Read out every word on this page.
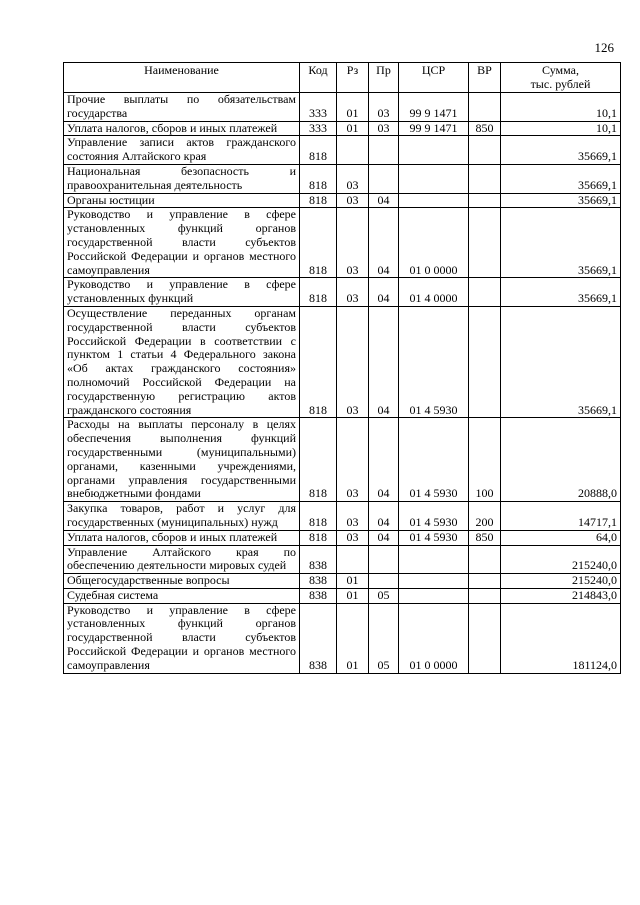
126
Наименование	Код	Рз	Пр	ЦСР	ВР	Сумма,
тыс. рублей
Прочие выплаты по обязательствам государства	333	01	03	99 9 1471		10,1
Уплата налогов, сборов и иных платежей	333	01	03	99 9 1471	850	10,1
Управление записи актов гражданского состояния Алтайского края	818					35669,1
Национальная безопасность и правоохранительная деятельность	818	03				35669,1
Органы юстиции	818	03	04			35669,1
Руководство и управление в сфере установленных функций органов государственной власти субъектов Российской Федерации и органов местного самоуправления	818	03	04	01 0 0000		35669,1
Руководство и управление в сфере установленных функций	818	03	04	01 4 0000		35669,1
Осуществление переданных органам государственной власти субъектов Российской Федерации в соответствии с пунктом 1 статьи 4 Федерального закона «Об актах гражданского состояния» полномочий Российской Федерации на государственную регистрацию актов гражданского состояния	818	03	04	01 4 5930		35669,1
Расходы на выплаты персоналу в целях обеспечения выполнения функций государственными (муниципальными) органами, казенными учреждениями, органами управления государственными внебюджетными фондами	818	03	04	01 4 5930	100	20888,0
Закупка товаров, работ и услуг для государственных (муниципальных) нужд	818	03	04	01 4 5930	200	14717,1
Уплата налогов, сборов и иных платежей	818	03	04	01 4 5930	850	64,0
Управление Алтайского края по обеспечению деятельности мировых судей	838					215240,0
Общегосударственные вопросы	838	01				215240,0
Судебная система	838	01	05			214843,0
Руководство и управление в сфере установленных функций органов государственной власти субъектов Российской Федерации и органов местного самоуправления	838	01	05	01 0 0000		181124,0
